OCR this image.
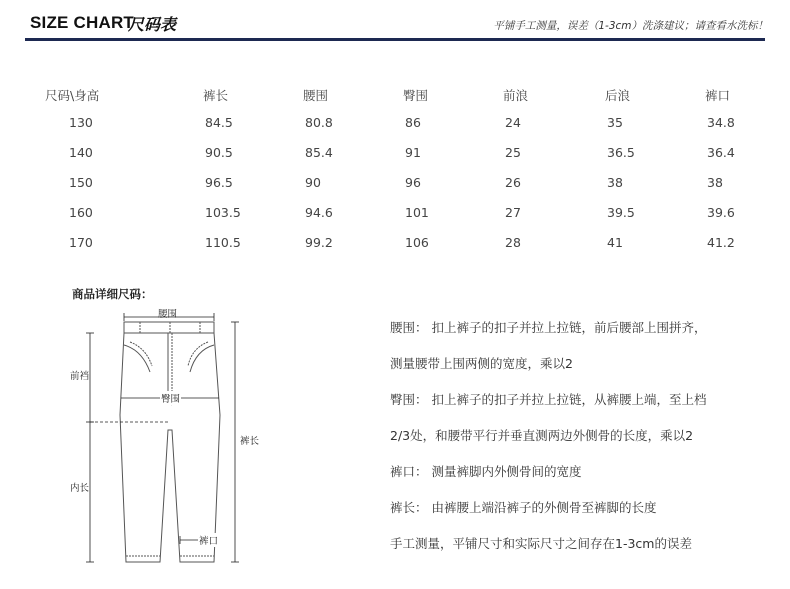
SIZE CHART
尺码表	平铺手工测量，误差（1-3cm）洗涤建议；请查看水洗标！
尺码\身高	裤长	腰围	臀围	前浪	后浪	裤口
130	84.5	80.8	86	24	35	34.8
140	90.5	85.4	91	25	36.5	36.4
150	96.5	90	96	26	38	38
160	103.5	94.6	101	27	39.5	39.6
170	110.5	99.2	106	28	41	41.2
商品详细尺码：
腰围
前裆
臀围
裤长
内长
裤口
腰围： 扣上裤子的扣子并拉上拉链，前后腰部上围拼齐，
测量腰带上围两侧的宽度，乘以2
臀围： 扣上裤子的扣子并拉上拉链，从裤腰上端，至上档
2/3处，和腰带平行并垂直测两边外侧骨的长度，乘以2
裤口： 测量裤脚内外侧骨间的宽度
裤长： 由裤腰上端沿裤子的外侧骨至裤脚的长度
手工测量，平铺尺寸和实际尺寸之间存在1-3cm的误差
